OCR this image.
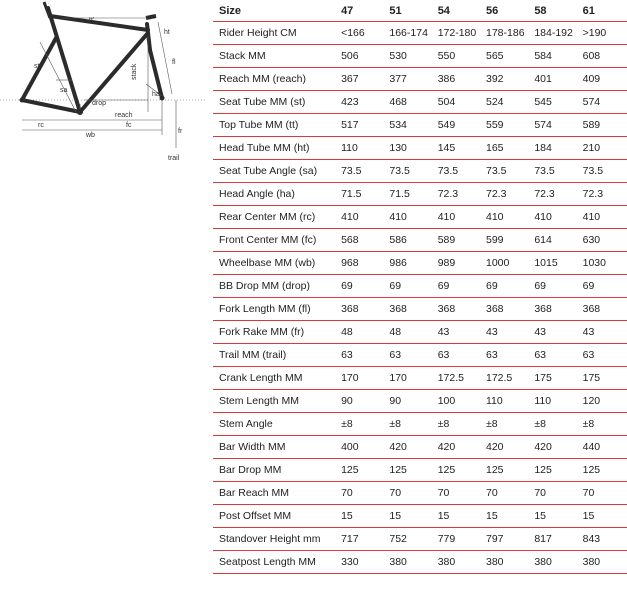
tt'
ht
st	stack
fl
sa
ha
drop
reach
rc	fc
wb
fr
trail
Size	47	51	54	56	58	61
Rider Height CM	<166	166-174	172-180	178-186	184-192	>190
Stack MM	506	530	550	565	584	608
Reach MM (reach)	367	377	386	392	401	409
Seat Tube MM (st)	423	468	504	524	545	574
Top Tube MM (tt)	517	534	549	559	574	589
Head Tube MM (ht)	110	130	145	165	184	210
Seat Tube Angle (sa)	73.5	73.5	73.5	73.5	73.5	73.5
Head Angle (ha)	71.5	71.5	72.3	72.3	72.3	72.3
Rear Center MM (rc)	410	410	410	410	410	410
Front Center MM (fc)	568	586	589	599	614	630
Wheelbase MM (wb)	968	986	989	1000	1015	1030
BB Drop MM (drop)	69	69	69	69	69	69
Fork Length MM (fl)	368	368	368	368	368	368
Fork Rake MM (fr)	48	48	43	43	43	43
Trail MM (trail)	63	63	63	63	63	63
Crank Length MM	170	170	172.5	172.5	175	175
Stem Length MM	90	90	100	110	110	120
Stem Angle	±8	±8	±8	±8	±8	±8
Bar Width MM	400	420	420	420	420	440
Bar Drop MM	125	125	125	125	125	125
Bar Reach MM	70	70	70	70	70	70
Post Offset MM	15	15	15	15	15	15
Standover Height mm	717	752	779	797	817	843
Seatpost Length MM	330	380	380	380	380	380
